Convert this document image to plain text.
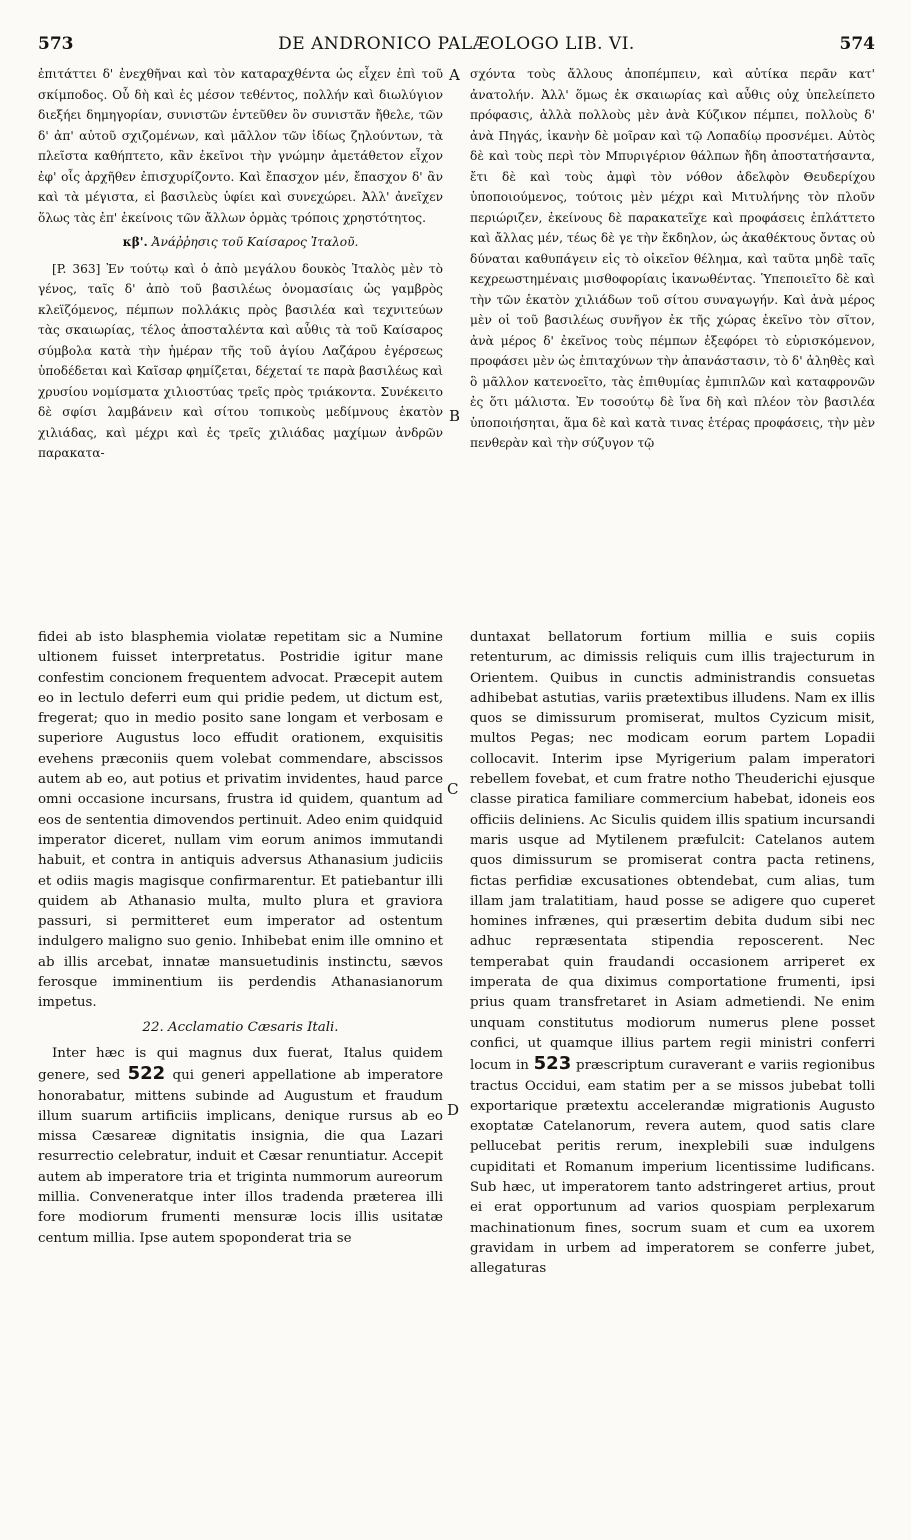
573	DE ANDRONICO PALÆOLOGO LIB. VI.	574
A
B
C
D

ἐπιτάττει δ' ἐνεχθῆναι καὶ τὸν καταραχθέντα ὡς εἶχεν ἐπὶ τοῦ σκίμποδος. Οὗ δὴ καὶ ἐς μέσον τεθέντος, πολλήν καὶ διωλύγιον διεξήει δημηγορίαν, συνιστῶν ἐντεῦθεν ὃν συνιστᾶν ἤθελε, τῶν δ' ἀπ' αὐτοῦ σχιζομένων, καὶ μᾶλλον τῶν ἰδίως ζηλούντων, τὰ πλεῖστα καθήπτετο, κἂν ἐκεῖνοι τὴν γνώμην ἀμετάθετον εἶχον ἐφ' οἷς ἀρχῆθεν ἐπισχυρίζοντο. Καὶ ἔπασχον μέν, ἔπασχον δ' ἂν καὶ τὰ μέγιστα, εἰ βασιλεὺς ὑφίει καὶ συνεχώρει. Ἀλλ' ἀνεῖχεν ὅλως τὰς ἐπ' ἐκείνοις τῶν ἄλλων ὁρμὰς τρόποις χρηστότητος.

κβ'. Ἀνάῤῥησις τοῦ Καίσαρος Ἰταλοῦ.

[P. 363] Ἐν τούτῳ καὶ ὁ ἀπὸ μεγάλου δουκὸς Ἰταλὸς μὲν τὸ γένος, ταῖς δ' ἀπὸ τοῦ βασιλέως ὀνομασίαις ὡς γαμβρὸς κλεϊζόμενος, πέμπων πολλάκις πρὸς βασιλέα καὶ τεχνιτεύων τὰς σκαιωρίας, τέλος ἀποσταλέντα καὶ αὖθις τὰ τοῦ Καίσαρος σύμβολα κατὰ τὴν ἡμέραν τῆς τοῦ ἁγίου Λαζάρου ἐγέρσεως ὑποδέδεται καὶ Καῖσαρ φημίζεται, δέχεταί τε παρὰ βασιλέως καὶ χρυσίου νομίσματα χιλιοστύας τρεῖς πρὸς τριάκοντα. Συνέκειτο δὲ σφίσι λαμβάνειν καὶ σίτου τοπικοὺς μεδίμνους ἑκατὸν χιλιάδας, καὶ μέχρι καὶ ἐς τρεῖς χιλιάδας μαχίμων ἀνδρῶν παρακατα-

σχόντα τοὺς ἄλλους ἀποπέμπειν, καὶ αὐτίκα περᾶν κατ' ἀνατολήν. Ἀλλ' ὅμως ἐκ σκαιωρίας καὶ αὖθις οὐχ ὑπελείπετο πρόφασις, ἀλλὰ πολλοὺς μὲν ἀνὰ Κύζικον πέμπει, πολλοὺς δ' ἀνὰ Πηγάς, ἱκανὴν δὲ μοῖραν καὶ τῷ Λοπαδίῳ προσνέμει. Αὐτὸς δὲ καὶ τοὺς περὶ τὸν Μπυριγέριον θάλπων ἤδη ἀποστατήσαντα, ἔτι δὲ καὶ τοὺς ἀμφὶ τὸν νόθον ἀδελφὸν Θευδερίχου ὑποποιούμενος, τούτοις μὲν μέχρι καὶ Μιτυλήνης τὸν πλοῦν περιώριζεν, ἐκείνους δὲ παρακατεῖχε καὶ προφάσεις ἐπλάττετο καὶ ἄλλας μέν, τέως δὲ γε τὴν ἔκδηλον, ὡς ἀκαθέκτους ὄντας οὐ δύναται καθυπάγειν εἰς τὸ οἰκεῖον θέλημα, καὶ ταῦτα μηδὲ ταῖς κεχρεωστημέναις μισθοφορίαις ἱκανωθέντας. Ὑπεποιεῖτο δὲ καὶ τὴν τῶν ἑκατὸν χιλιάδων τοῦ σίτου συναγωγήν. Καὶ ἀνὰ μέρος μὲν οἱ τοῦ βασιλέως συνῆγον ἐκ τῆς χώρας ἐκεῖνο τὸν σῖτον, ἀνὰ μέρος δ' ἐκεῖνος τοὺς πέμπων ἐξεφόρει τὸ εὑρισκόμενον, προφάσει μὲν ὡς ἐπιταχύνων τὴν ἀπανάστασιν, τὸ δ' ἀληθὲς καὶ ὃ μᾶλλον κατενοεῖτο, τὰς ἐπιθυμίας ἐμπιπλῶν καὶ καταφρονῶν ἐς ὅτι μάλιστα. Ἐν τοσούτῳ δὲ ἵνα δὴ καὶ πλέον τὸν βασιλέα ὑποποιήσηται, ἅμα δὲ καὶ κατὰ τινας ἑτέρας προφάσεις, τὴν μὲν πενθερὰν καὶ τὴν σύζυγον τῷ

fidei ab isto blasphemia violatæ repetitam sic a Numine ultionem fuisset interpretatus. Postridie igitur mane confestim concionem frequentem advocat. Præcepit autem eo in lectulo deferri eum qui pridie pedem, ut dictum est, fregerat; quo in medio posito sane longam et verbosam e superiore Augustus loco effudit orationem, exquisitis evehens præconiis quem volebat commendare, abscissos autem ab eo, aut potius et privatim invidentes, haud parce omni occasione incursans, frustra id quidem, quantum ad eos de sententia dimovendos pertinuit. Adeo enim quidquid imperator diceret, nullam vim eorum animos immutandi habuit, et contra in antiquis adversus Athanasium judiciis et odiis magis magisque confirmarentur. Et patiebantur illi quidem ab Athanasio multa, multo plura et graviora passuri, si permitteret eum imperator ad ostentum indulgero maligno suo genio. Inhibebat enim ille omnino et ab illis arcebat, innatæ mansuetudinis instinctu, sævos ferosque imminentium iis perdendis Athanasianorum impetus.

22. Acclamatio Cæsaris Itali.

Inter hæc is qui magnus dux fuerat, Italus quidem genere, sed 522 qui generi appellatione ab imperatore honorabatur, mittens subinde ad Augustum et fraudum illum suarum artificiis implicans, denique rursus ab eo missa Cæsareæ dignitatis insignia, die qua Lazari resurrectio celebratur, induit et Cæsar renuntiatur. Accepit autem ab imperatore tria et triginta nummorum aureorum millia. Conveneratque inter illos tradenda præterea illi fore modiorum frumenti mensuræ locis illis usitatæ centum millia. Ipse autem spoponderat tria se

duntaxat bellatorum fortium millia e suis copiis retenturum, ac dimissis reliquis cum illis trajecturum in Orientem. Quibus in cunctis administrandis consuetas adhibebat astutias, variis prætextibus illudens. Nam ex illis quos se dimissurum promiserat, multos Cyzicum misit, multos Pegas; nec modicam eorum partem Lopadii collocavit. Interim ipse Myrigerium palam imperatori rebellem fovebat, et cum fratre notho Theuderichi ejusque classe piratica familiare commercium habebat, idoneis eos officiis deliniens. Ac Siculis quidem illis spatium incursandi maris usque ad Mytilenem præfulcit: Catelanos autem quos dimissurum se promiserat contra pacta retinens, fictas perfidiæ excusationes obtendebat, cum alias, tum illam jam tralatitiam, haud posse se adigere quo cuperet homines infrænes, qui præsertim debita dudum sibi nec adhuc repræsentata stipendia reposcerent. Nec temperabat quin fraudandi occasionem arriperet ex imperata de qua diximus comportatione frumenti, ipsi prius quam transfretaret in Asiam admetiendi. Ne enim unquam constitutus modiorum numerus plene posset confici, ut quamque illius partem regii ministri conferri locum in 523 præscriptum curaverant e variis regionibus tractus Occidui, eam statim per a se missos jubebat tolli exportarique prætextu accelerandæ migrationis Augusto exoptatæ Catelanorum, revera autem, quod satis clare pellucebat peritis rerum, inexplebili suæ indulgens cupiditati et Romanum imperium licentissime ludificans. Sub hæc, ut imperatorem tanto adstringeret artius, prout ei erat opportunum ad varios quospiam perplexarum machinationum fines, socrum suam et cum ea uxorem gravidam in urbem ad imperatorem se conferre jubet, allegaturas
